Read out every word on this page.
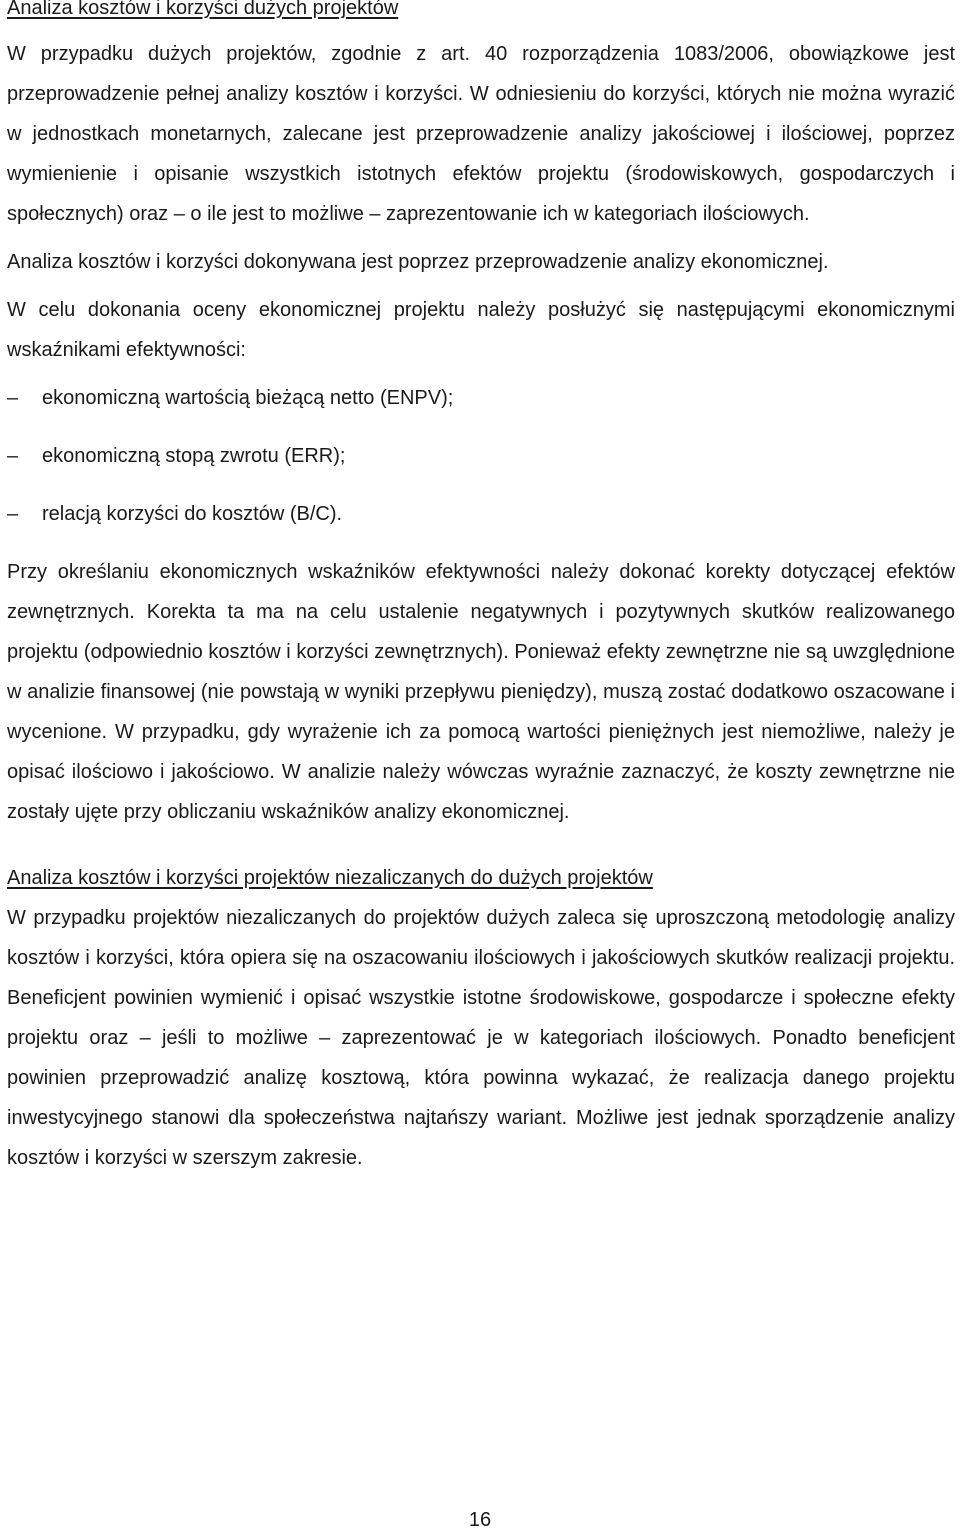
Analiza kosztów i korzyści dużych projektów

W przypadku dużych projektów, zgodnie z art. 40 rozporządzenia 1083/2006, obowiązkowe jest przeprowadzenie pełnej analizy kosztów i korzyści. W odniesieniu do korzyści, których nie można wyrazić w jednostkach monetarnych, zalecane jest przeprowadzenie analizy jakościowej i ilościowej, poprzez wymienienie i opisanie wszystkich istotnych efektów projektu (środowiskowych, gospodarczych i społecznych) oraz – o ile jest to możliwe – zaprezentowanie ich w kategoriach ilościowych.

Analiza kosztów i korzyści dokonywana jest poprzez przeprowadzenie analizy ekonomicznej.

W celu dokonania oceny ekonomicznej projektu należy posłużyć się następującymi ekonomicznymi wskaźnikami efektywności:

–	ekonomiczną wartością bieżącą netto (ENPV);
–	ekonomiczną stopą zwrotu (ERR);
–	relacją korzyści do kosztów (B/C).

Przy określaniu ekonomicznych wskaźników efektywności należy dokonać korekty dotyczącej efektów zewnętrznych. Korekta ta ma na celu ustalenie negatywnych i pozytywnych skutków realizowanego projektu (odpowiednio kosztów i korzyści zewnętrznych). Ponieważ efekty zewnętrzne nie są uwzględnione w analizie finansowej (nie powstają w wyniki przepływu pieniędzy), muszą zostać dodatkowo oszacowane i wycenione. W przypadku, gdy wyrażenie ich za pomocą wartości pieniężnych jest niemożliwe, należy je opisać ilościowo i jakościowo. W analizie należy wówczas wyraźnie zaznaczyć, że koszty zewnętrzne nie zostały ujęte przy obliczaniu wskaźników analizy ekonomicznej.

Analiza kosztów i korzyści projektów niezaliczanych do dużych projektów

W przypadku projektów niezaliczanych do projektów dużych zaleca się uproszczoną metodologię analizy kosztów i korzyści, która opiera się na oszacowaniu ilościowych i jakościowych skutków realizacji projektu. Beneficjent powinien wymienić i opisać wszystkie istotne środowiskowe, gospodarcze i społeczne efekty projektu oraz – jeśli to możliwe – zaprezentować je w kategoriach ilościowych. Ponadto beneficjent powinien przeprowadzić analizę kosztową, która powinna wykazać, że realizacja danego projektu inwestycyjnego stanowi dla społeczeństwa najtańszy wariant. Możliwe jest jednak sporządzenie analizy kosztów i korzyści w szerszym zakresie.

16
